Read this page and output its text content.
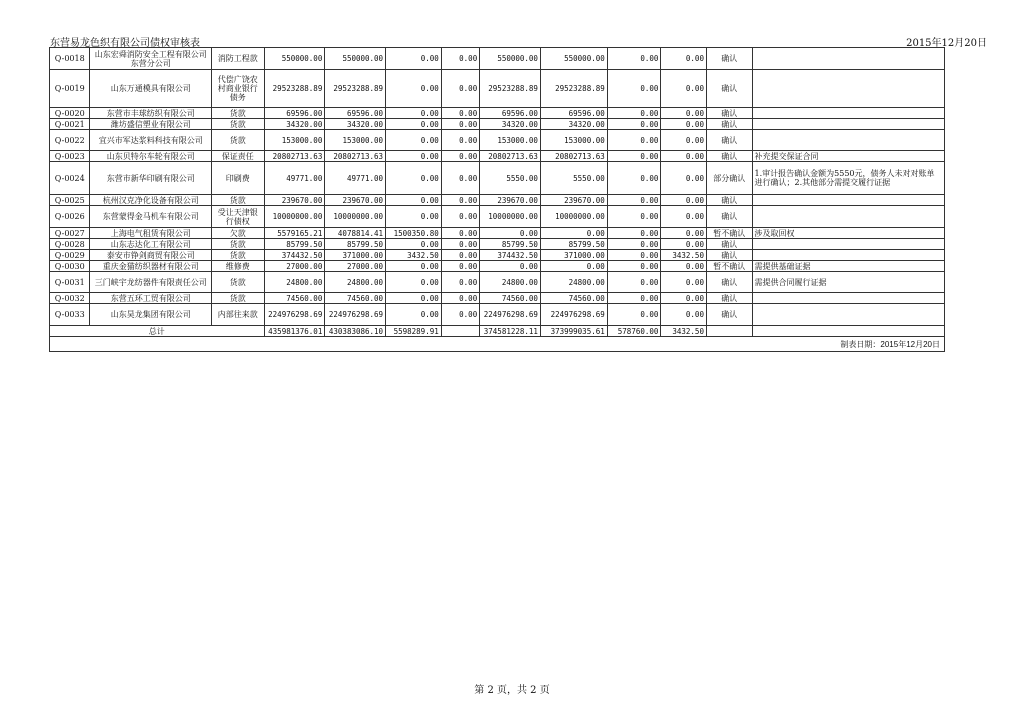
东营易龙色织有限公司债权审核表	2015年12月20日
Q-0018	山东宏舜消防安全工程有限公司东营分公司	消防工程款	550000.00	550000.00	0.00	0.00	550000.00	550000.00	0.00	0.00	确认	
Q-0019	山东万通模具有限公司	代偿广饶农村商业银行债务	29523288.89	29523288.89	0.00	0.00	29523288.89	29523288.89	0.00	0.00	确认	
Q-0020	东营市丰球纺织有限公司	货款	69596.00	69596.00	0.00	0.00	69596.00	69596.00	0.00	0.00	确认	
Q-0021	潍坊盛信塑业有限公司	货款	34320.00	34320.00	0.00	0.00	34320.00	34320.00	0.00	0.00	确认	
Q-0022	宜兴市军达浆料科技有限公司	货款	153000.00	153000.00	0.00	0.00	153000.00	153000.00	0.00	0.00	确认	
Q-0023	山东贝特尔车轮有限公司	保证责任	20802713.63	20802713.63	0.00	0.00	20802713.63	20802713.63	0.00	0.00	确认	补充提交保证合同
Q-0024	东营市新华印刷有限公司	印刷费	49771.00	49771.00	0.00	0.00	5550.00	5550.00	0.00	0.00	部分确认	1.审计报告确认金额为5550元，债务人未对对账单进行确认；2.其他部分需提交履行证据
Q-0025	杭州汉克净化设备有限公司	货款	239670.00	239670.00	0.00	0.00	239670.00	239670.00	0.00	0.00	确认	
Q-0026	东营蒙得金马机车有限公司	受让天津银行债权	10000000.00	10000000.00	0.00	0.00	10000000.00	10000000.00	0.00	0.00	确认	
Q-0027	上海电气租赁有限公司	欠款	5579165.21	4078814.41	1500350.80	0.00	0.00	0.00	0.00	0.00	暂不确认	涉及取回权
Q-0028	山东志达化工有限公司	货款	85799.50	85799.50	0.00	0.00	85799.50	85799.50	0.00	0.00	确认	
Q-0029	泰安市铮剑商贸有限公司	货款	374432.50	371000.00	3432.50	0.00	374432.50	371000.00	0.00	3432.50	确认	
Q-0030	重庆金猫纺织器材有限公司	维修费	27000.00	27000.00	0.00	0.00	0.00	0.00	0.00	0.00	暂不确认	需提供基础证据
Q-0031	三门峡宇龙纺器件有限责任公司	货款	24800.00	24800.00	0.00	0.00	24800.00	24800.00	0.00	0.00	确认	需提供合同履行证据
Q-0032	东营五环工贸有限公司	货款	74560.00	74560.00	0.00	0.00	74560.00	74560.00	0.00	0.00	确认	
Q-0033	山东昊龙集团有限公司	内部往来款	224976298.69	224976298.69	0.00	0.00	224976298.69	224976298.69	0.00	0.00	确认	
总计			435981376.01	430383086.10	5598289.91		374581228.11	373999035.61	578760.00	3432.50		
制表日期：2015年12月20日												
第 2 页，共 2 页
